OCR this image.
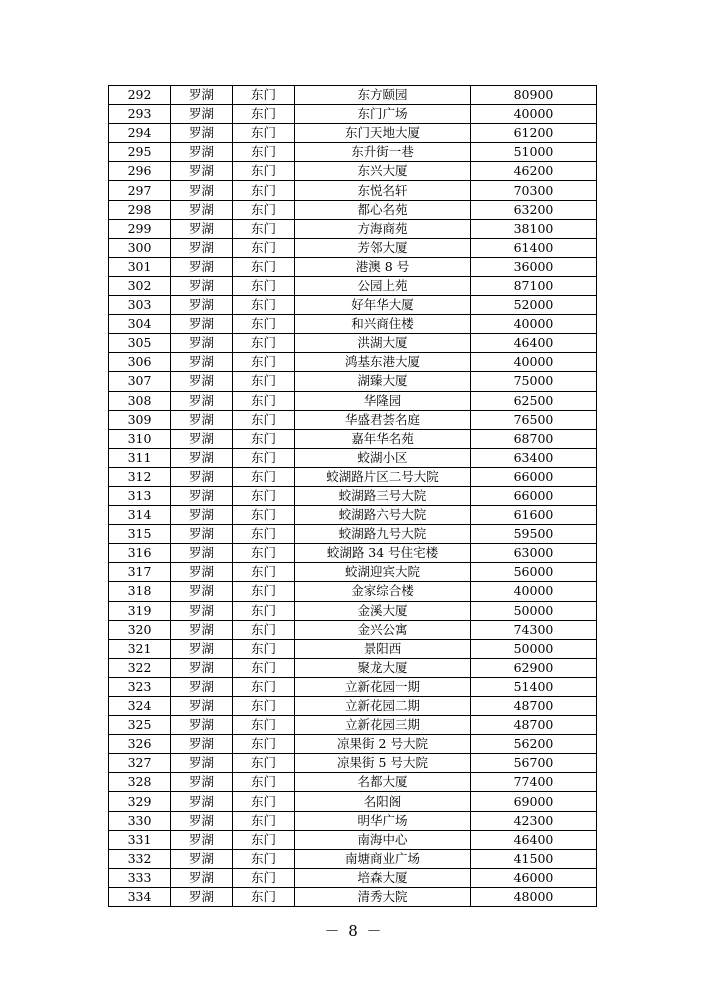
292	罗湖	东门	东方颐园	80900
293	罗湖	东门	东门广场	40000
294	罗湖	东门	东门天地大厦	61200
295	罗湖	东门	东升街一巷	51000
296	罗湖	东门	东兴大厦	46200
297	罗湖	东门	东悦名轩	70300
298	罗湖	东门	都心名苑	63200
299	罗湖	东门	方海商苑	38100
300	罗湖	东门	芳邻大厦	61400
301	罗湖	东门	港澳 8 号	36000
302	罗湖	东门	公园上苑	87100
303	罗湖	东门	好年华大厦	52000
304	罗湖	东门	和兴商住楼	40000
305	罗湖	东门	洪湖大厦	46400
306	罗湖	东门	鸿基东港大厦	40000
307	罗湖	东门	湖臻大厦	75000
308	罗湖	东门	华隆园	62500
309	罗湖	东门	华盛君荟名庭	76500
310	罗湖	东门	嘉年华名苑	68700
311	罗湖	东门	蛟湖小区	63400
312	罗湖	东门	蛟湖路片区二号大院	66000
313	罗湖	东门	蛟湖路三号大院	66000
314	罗湖	东门	蛟湖路六号大院	61600
315	罗湖	东门	蛟湖路九号大院	59500
316	罗湖	东门	蛟湖路 34 号住宅楼	63000
317	罗湖	东门	蛟湖迎宾大院	56000
318	罗湖	东门	金家综合楼	40000
319	罗湖	东门	金溪大厦	50000
320	罗湖	东门	金兴公寓	74300
321	罗湖	东门	景阳西	50000
322	罗湖	东门	聚龙大厦	62900
323	罗湖	东门	立新花园一期	51400
324	罗湖	东门	立新花园二期	48700
325	罗湖	东门	立新花园三期	48700
326	罗湖	东门	凉果街 2 号大院	56200
327	罗湖	东门	凉果街 5 号大院	56700
328	罗湖	东门	名都大厦	77400
329	罗湖	东门	名阳阁	69000
330	罗湖	东门	明华广场	42300
331	罗湖	东门	南海中心	46400
332	罗湖	东门	南塘商业广场	41500
333	罗湖	东门	培森大厦	46000
334	罗湖	东门	清秀大院	48000
－ 8 －
